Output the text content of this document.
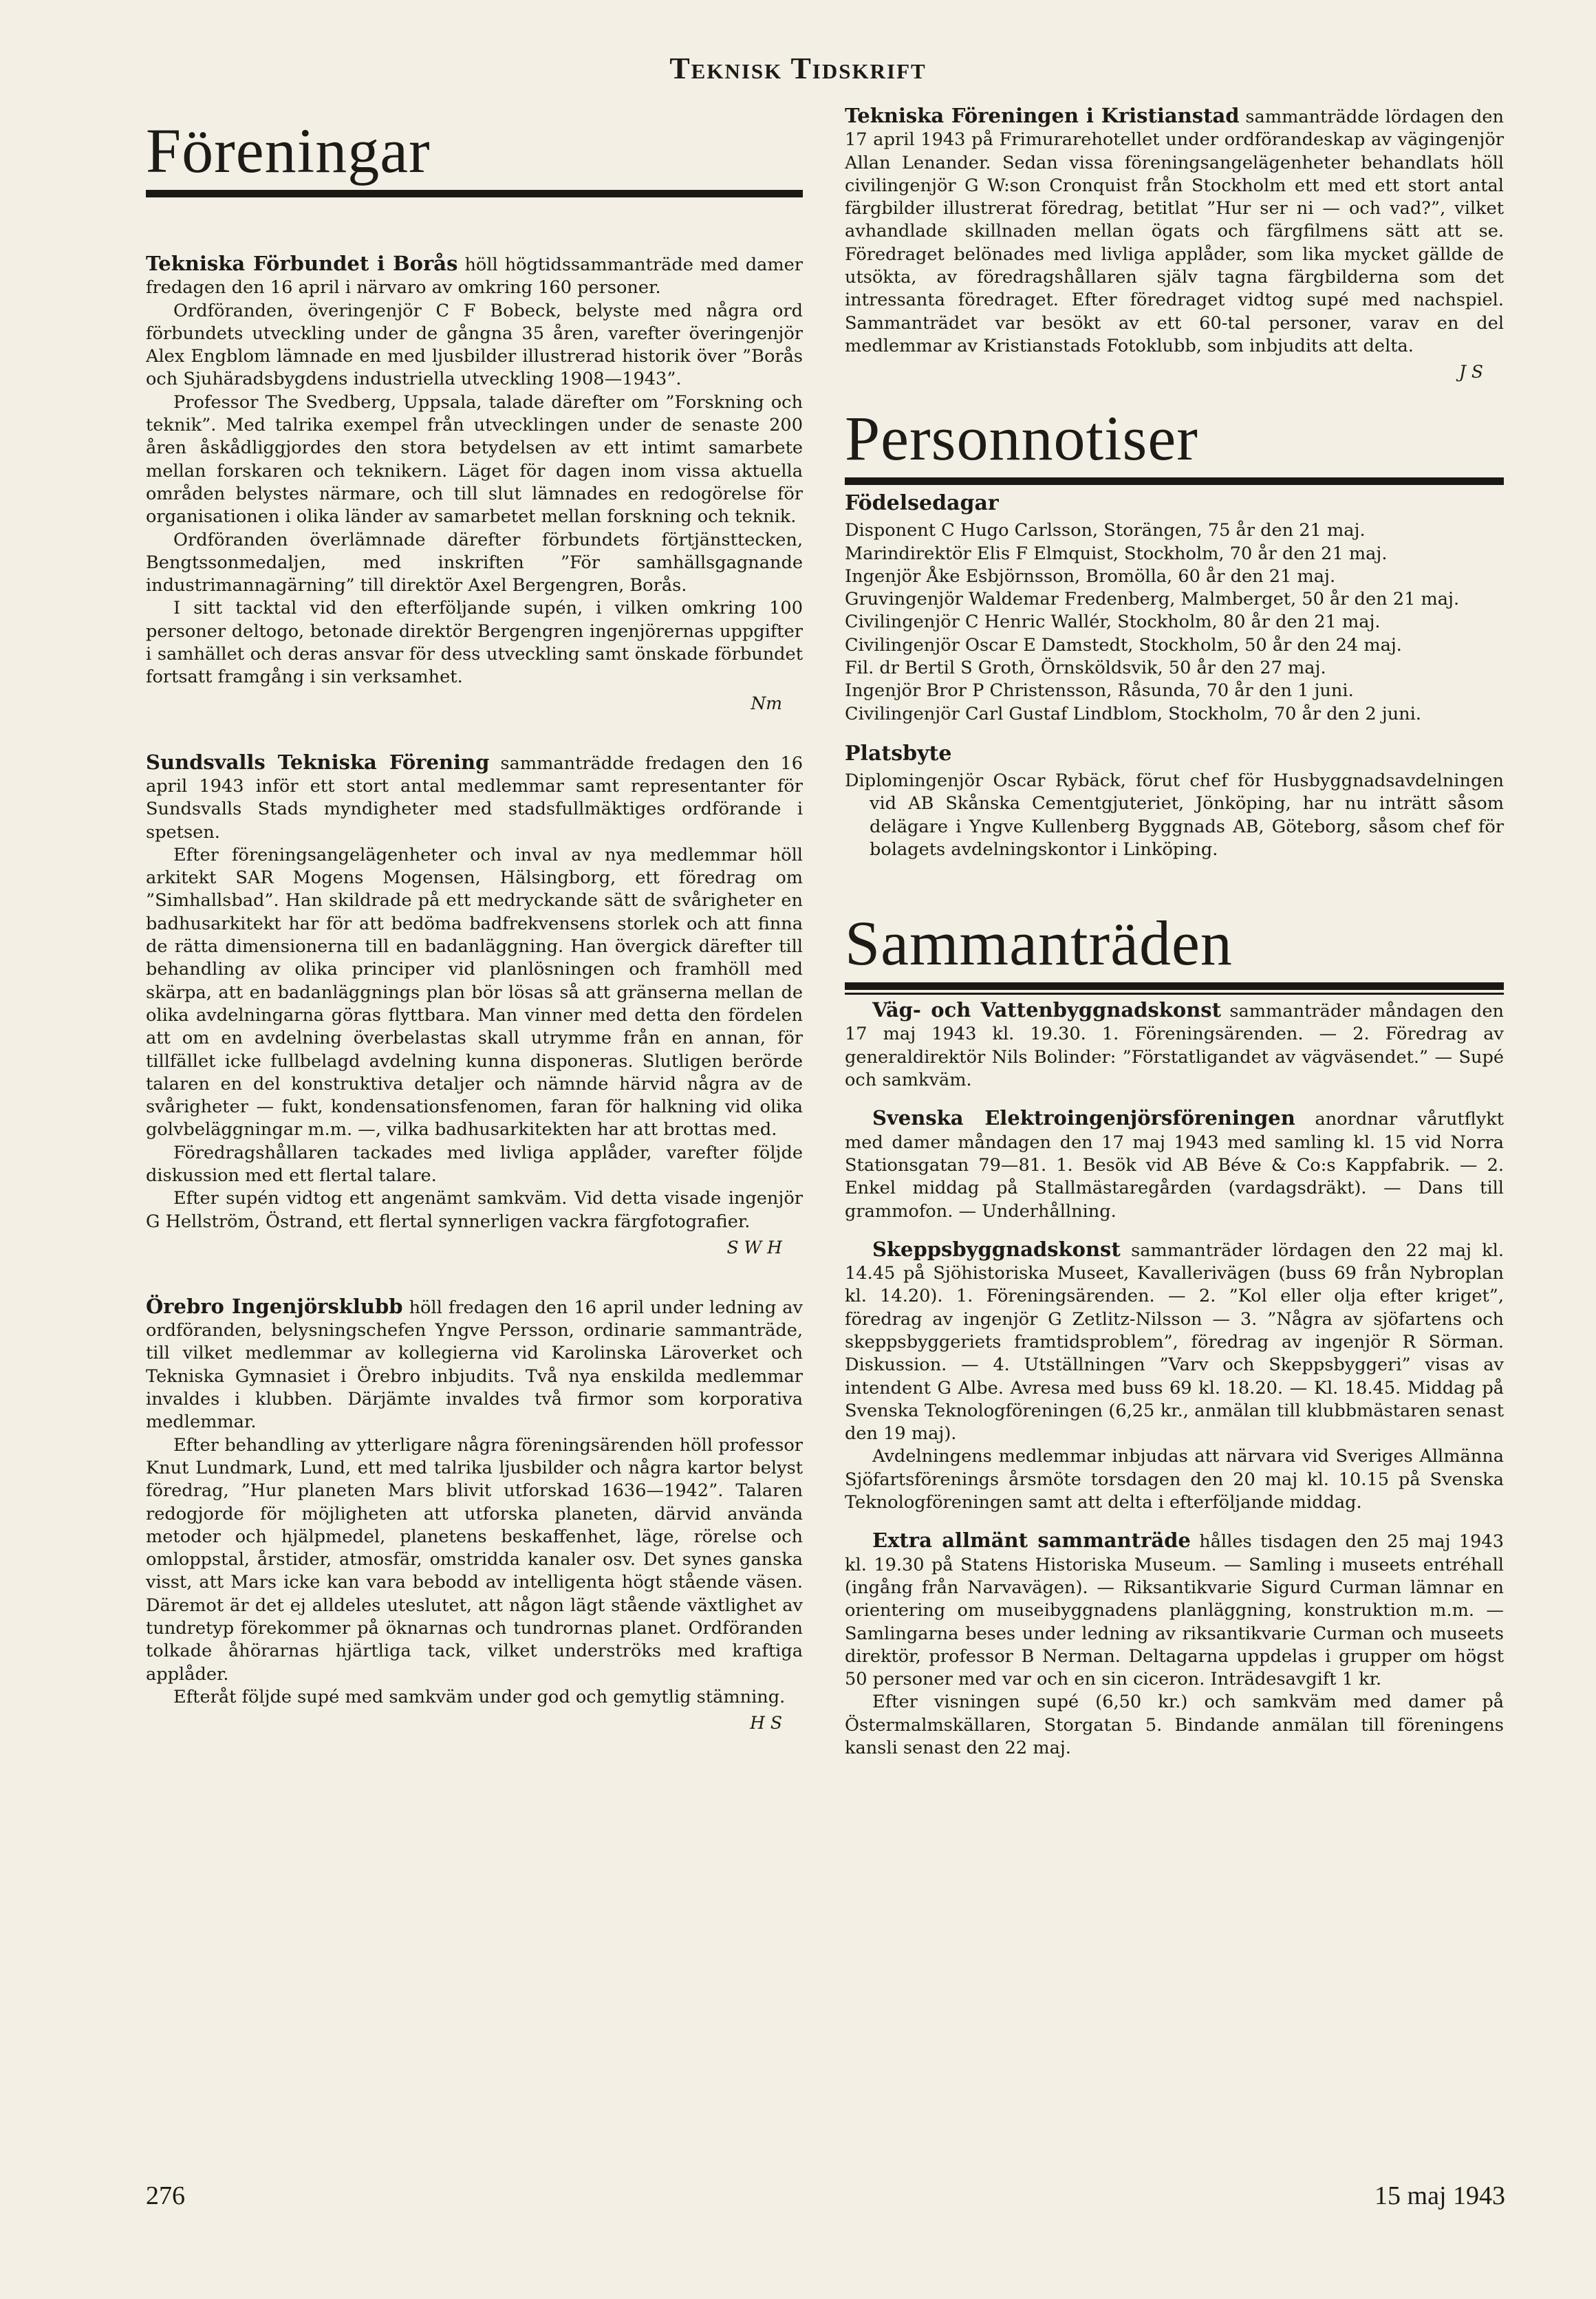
Teknisk Tidskrift
Föreningar

Tekniska Förbundet i Borås höll högtidssammanträde med damer fredagen den 16 april i närvaro av omkring 160 personer.

Ordföranden, överingenjör C F Bobeck, belyste med några ord förbundets utveckling under de gångna 35 åren, varefter överingenjör Alex Engblom lämnade en med ljusbilder illustrerad historik över ”Borås och Sjuhäradsbygdens industriella utveckling 1908—1943”.

Professor The Svedberg, Uppsala, talade därefter om ”Forskning och teknik”. Med talrika exempel från utvecklingen under de senaste 200 åren åskådliggjordes den stora betydelsen av ett intimt samarbete mellan forskaren och teknikern. Läget för dagen inom vissa aktuella områden belystes närmare, och till slut lämnades en redogörelse för organisationen i olika länder av samarbetet mellan forskning och teknik.

Ordföranden överlämnade därefter förbundets förtjänsttecken, Bengtssonmedaljen, med inskriften ”För samhällsgagnande industrimannagärning” till direktör Axel Bergengren, Borås.

I sitt tacktal vid den efterföljande supén, i vilken omkring 100 personer deltogo, betonade direktör Bergengren ingenjörernas uppgifter i samhället och deras ansvar för dess utveckling samt önskade förbundet fortsatt framgång i sin verksamhet.

Nm

Sundsvalls Tekniska Förening sammanträdde fredagen den 16 april 1943 inför ett stort antal medlemmar samt representanter för Sundsvalls Stads myndigheter med stadsfullmäktiges ordförande i spetsen.

Efter föreningsangelägenheter och inval av nya medlemmar höll arkitekt SAR Mogens Mogensen, Hälsingborg, ett föredrag om ”Simhallsbad”. Han skildrade på ett medryckande sätt de svårigheter en badhusarkitekt har för att bedöma badfrekvensens storlek och att finna de rätta dimensionerna till en badanläggning. Han övergick därefter till behandling av olika principer vid planlösningen och framhöll med skärpa, att en badanläggnings plan bör lösas så att gränserna mellan de olika avdelningarna göras flyttbara. Man vinner med detta den fördelen att om en avdelning överbelastas skall utrymme från en annan, för tillfället icke fullbelagd avdelning kunna disponeras. Slutligen berörde talaren en del konstruktiva detaljer och nämnde härvid några av de svårigheter — fukt, kondensationsfenomen, faran för halkning vid olika golvbeläggningar m.m. —, vilka badhusarkitekten har att brottas med.

Föredragshållaren tackades med livliga applåder, varefter följde diskussion med ett flertal talare.

Efter supén vidtog ett angenämt samkväm. Vid detta visade ingenjör G Hellström, Östrand, ett flertal synnerligen vackra färgfotografier.

S W H

Örebro Ingenjörsklubb höll fredagen den 16 april under ledning av ordföranden, belysningschefen Yngve Persson, ordinarie sammanträde, till vilket medlemmar av kollegierna vid Karolinska Läroverket och Tekniska Gymnasiet i Örebro inbjudits. Två nya enskilda medlemmar invaldes i klubben. Därjämte invaldes två firmor som korporativa medlemmar.

Efter behandling av ytterligare några föreningsärenden höll professor Knut Lundmark, Lund, ett med talrika ljusbilder och några kartor belyst föredrag, ”Hur planeten Mars blivit utforskad 1636—1942”. Talaren redogjorde för möjligheten att utforska planeten, därvid använda metoder och hjälpmedel, planetens beskaffenhet, läge, rörelse och omloppstal, årstider, atmosfär, omstridda kanaler osv. Det synes ganska visst, att Mars icke kan vara bebodd av intelligenta högt stående väsen. Däremot är det ej alldeles uteslutet, att någon lägt stående växtlighet av tundretyp förekommer på öknarnas och tundrornas planet. Ordföranden tolkade åhörarnas hjärtliga tack, vilket underströks med kraftiga applåder.

Efteråt följde supé med samkväm under god och gemytlig stämning.

H S

Tekniska Föreningen i Kristianstad sammanträdde lördagen den 17 april 1943 på Frimurarehotellet under ordförandeskap av vägingenjör Allan Lenander. Sedan vissa föreningsangelägenheter behandlats höll civilingenjör G W:son Cronquist från Stockholm ett med ett stort antal färgbilder illustrerat föredrag, betitlat ”Hur ser ni — och vad?”, vilket avhandlade skillnaden mellan ögats och färgfilmens sätt att se. Föredraget belönades med livliga applåder, som lika mycket gällde de utsökta, av föredragshållaren själv tagna färgbilderna som det intressanta föredraget. Efter föredraget vidtog supé med nachspiel. Sammanträdet var besökt av ett 60-tal personer, varav en del medlemmar av Kristianstads Fotoklubb, som inbjudits att delta.

J S
Personnotiser
Födelsedagar

Disponent C Hugo Carlsson, Storängen, 75 år den 21 maj.

Marindirektör Elis F Elmquist, Stockholm, 70 år den 21 maj.

Ingenjör Åke Esbjörnsson, Bromölla, 60 år den 21 maj.

Gruvingenjör Waldemar Fredenberg, Malmberget, 50 år den 21 maj.

Civilingenjör C Henric Wallér, Stockholm, 80 år den 21 maj.

Civilingenjör Oscar E Damstedt, Stockholm, 50 år den 24 maj.

Fil. dr Bertil S Groth, Örnsköldsvik, 50 år den 27 maj.

Ingenjör Bror P Christensson, Råsunda, 70 år den 1 juni.

Civilingenjör Carl Gustaf Lindblom, Stockholm, 70 år den 2 juni.

Platsbyte

Diplomingenjör Oscar Rybäck, förut chef för Husbyggnadsavdelningen vid AB Skånska Cementgjuteriet, Jönköping, har nu inträtt såsom delägare i Yngve Kullenberg Byggnads AB, Göteborg, såsom chef för bolagets avdelningskontor i Linköping.

Sammanträden

Väg- och Vattenbyggnadskonst sammanträder måndagen den 17 maj 1943 kl. 19.30. 1. Föreningsärenden. — 2. Föredrag av generaldirektör Nils Bolinder: ”Förstatligandet av vägväsendet.” — Supé och samkväm.

Svenska Elektroingenjörsföreningen anordnar vårutflykt med damer måndagen den 17 maj 1943 med samling kl. 15 vid Norra Stationsgatan 79—81. 1. Besök vid AB Béve & Co:s Kappfabrik. — 2. Enkel middag på Stallmästaregården (vardagsdräkt). — Dans till grammofon. — Underhållning.

Skeppsbyggnadskonst sammanträder lördagen den 22 maj kl. 14.45 på Sjöhistoriska Museet, Kavallerivägen (buss 69 från Nybroplan kl. 14.20). 1. Föreningsärenden. — 2. ”Kol eller olja efter kriget”, föredrag av ingenjör G Zetlitz-Nilsson — 3. ”Några av sjöfartens och skeppsbyggeriets framtidsproblem”, föredrag av ingenjör R Sörman. Diskussion. — 4. Utställningen ”Varv och Skeppsbyggeri” visas av intendent G Albe. Avresa med buss 69 kl. 18.20. — Kl. 18.45. Middag på Svenska Teknologföreningen (6,25 kr., anmälan till klubbmästaren senast den 19 maj).

Avdelningens medlemmar inbjudas att närvara vid Sveriges Allmänna Sjöfartsförenings årsmöte torsdagen den 20 maj kl. 10.15 på Svenska Teknologföreningen samt att delta i efterföljande middag.

Extra allmänt sammanträde hålles tisdagen den 25 maj 1943 kl. 19.30 på Statens Historiska Museum. — Samling i museets entréhall (ingång från Narvavägen). — Riksantikvarie Sigurd Curman lämnar en orientering om museibyggnadens planläggning, konstruktion m.m. — Samlingarna beses under ledning av riksantikvarie Curman och museets direktör, professor B Nerman. Deltagarna uppdelas i grupper om högst 50 personer med var och en sin ciceron. Inträdesavgift 1 kr.

Efter visningen supé (6,50 kr.) och samkväm med damer på Östermalmskällaren, Storgatan 5. Bindande anmälan till föreningens kansli senast den 22 maj.

276	15 maj 1943
